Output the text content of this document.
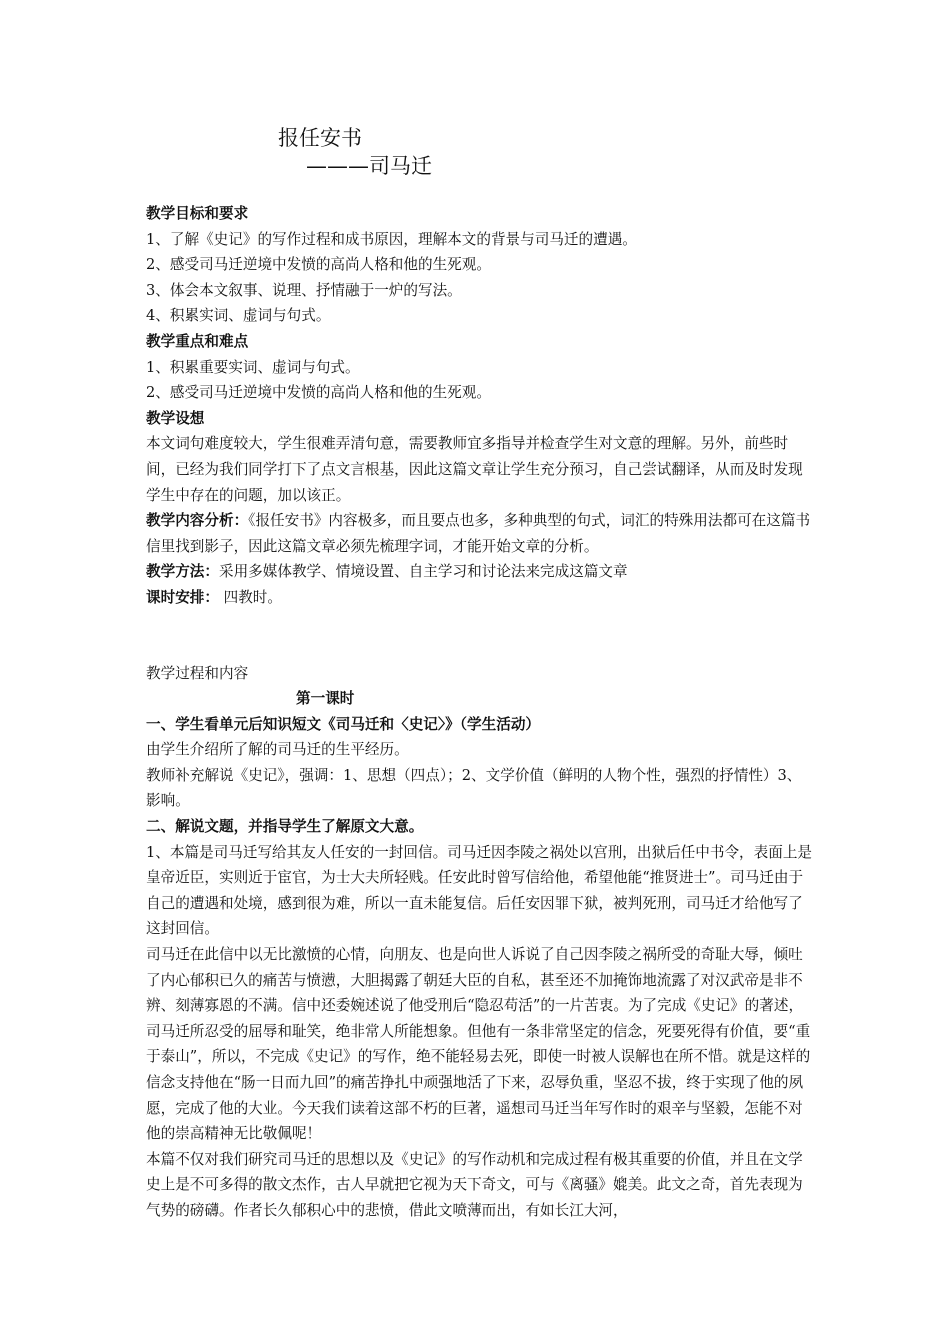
报任安书
———司马迁

教学目标和要求

1、了解《史记》的写作过程和成书原因，理解本文的背景与司马迁的遭遇。

2、感受司马迁逆境中发愤的高尚人格和他的生死观。

3、体会本文叙事、说理、抒情融于一炉的写法。

4、积累实词、虚词与句式。

教学重点和难点

1、积累重要实词、虚词与句式。

2、感受司马迁逆境中发愤的高尚人格和他的生死观。

教学设想

本文词句难度较大，学生很难弄清句意，需要教师宜多指导并检查学生对文意的理解。另外，前些时间，已经为我们同学打下了点文言根基，因此这篇文章让学生充分预习，自己尝试翻译，从而及时发现学生中存在的问题，加以该正。

教学内容分析：《报任安书》内容极多，而且要点也多，多种典型的句式，词汇的特殊用法都可在这篇书信里找到影子，因此这篇文章必须先梳理字词，才能开始文章的分析。

教学方法：采用多媒体教学、情境设置、自主学习和讨论法来完成这篇文章

课时安排： 四教时。

教学过程和内容

第一课时

一、学生看单元后知识短文《司马迁和〈史记〉》（学生活动）

由学生介绍所了解的司马迁的生平经历。

教师补充解说《史记》，强调：1、思想（四点）；2、文学价值（鲜明的人物个性，强烈的抒情性）3、影响。

二、解说文题，并指导学生了解原文大意。

1、本篇是司马迁写给其友人任安的一封回信。司马迁因李陵之祸处以宫刑，出狱后任中书令，表面上是皇帝近臣，实则近于宦官，为士大夫所轻贱。任安此时曾写信给他，希望他能“推贤进士”。司马迁由于自己的遭遇和处境，感到很为难，所以一直未能复信。后任安因罪下狱，被判死刑，司马迁才给他写了这封回信。

司马迁在此信中以无比激愤的心情，向朋友、也是向世人诉说了自己因李陵之祸所受的奇耻大辱，倾吐了内心郁积已久的痛苦与愤懑，大胆揭露了朝廷大臣的自私，甚至还不加掩饰地流露了对汉武帝是非不辨、刻薄寡恩的不满。信中还委婉述说了他受刑后“隐忍苟活”的一片苦衷。为了完成《史记》的著述，司马迁所忍受的屈辱和耻笑，绝非常人所能想象。但他有一条非常坚定的信念，死要死得有价值，要“重于泰山”，所以，不完成《史记》的写作，绝不能轻易去死，即使一时被人误解也在所不惜。就是这样的信念支持他在“肠一日而九回”的痛苦挣扎中顽强地活了下来，忍辱负重，坚忍不拔，终于实现了他的夙愿，完成了他的大业。今天我们读着这部不朽的巨著，遥想司马迁当年写作时的艰辛与坚毅，怎能不对他的崇高精神无比敬佩呢！

本篇不仅对我们研究司马迁的思想以及《史记》的写作动机和完成过程有极其重要的价值，并且在文学史上是不可多得的散文杰作，古人早就把它视为天下奇文，可与《离骚》媲美。此文之奇，首先表现为气势的磅礴。作者长久郁积心中的悲愤，借此文喷薄而出，有如长江大河，
